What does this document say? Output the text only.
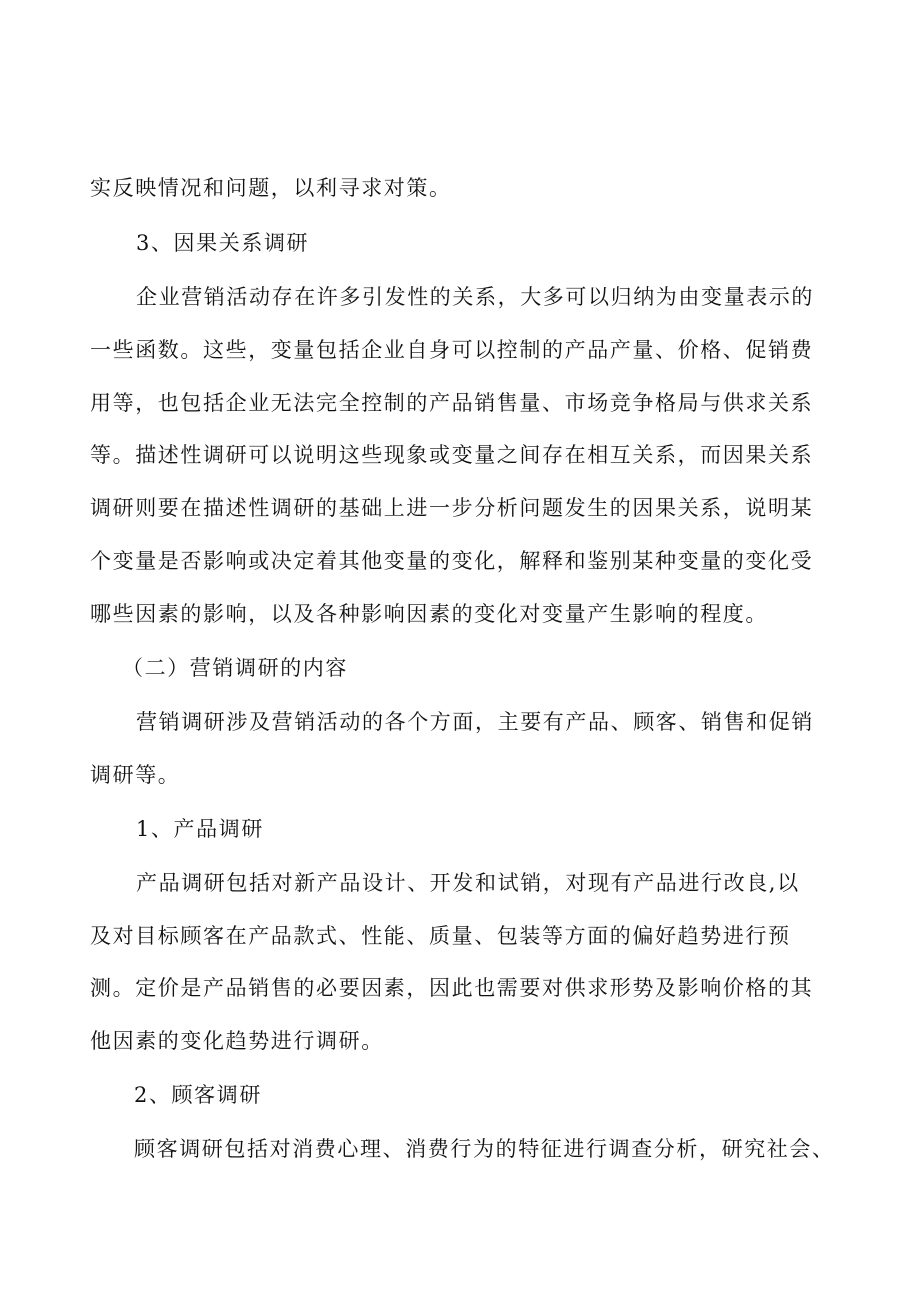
实反映情况和问题，以利寻求对策。
3、因果关系调研
企业营销活动存在许多引发性的关系，大多可以归纳为由变量表示的
一些函数。这些，变量包括企业自身可以控制的产品产量、价格、促销费
用等，也包括企业无法完全控制的产品销售量、市场竞争格局与供求关系
等。描述性调研可以说明这些现象或变量之间存在相互关系，而因果关系
调研则要在描述性调研的基础上进一步分析问题发生的因果关系，说明某
个变量是否影响或决定着其他变量的变化，解释和鉴别某种变量的变化受
哪些因素的影响，以及各种影响因素的变化对变量产生影响的程度。
（二）营销调研的内容
营销调研涉及营销活动的各个方面，主要有产品、顾客、销售和促销
调研等。
1、产品调研
产品调研包括对新产品设计、开发和试销，对现有产品进行改良,以
及对目标顾客在产品款式、性能、质量、包装等方面的偏好趋势进行预
测。定价是产品销售的必要因素，因此也需要对供求形势及影响价格的其
他因素的变化趋势进行调研。
2、顾客调研
顾客调研包括对消费心理、消费行为的特征进行调查分析，研究社会、
